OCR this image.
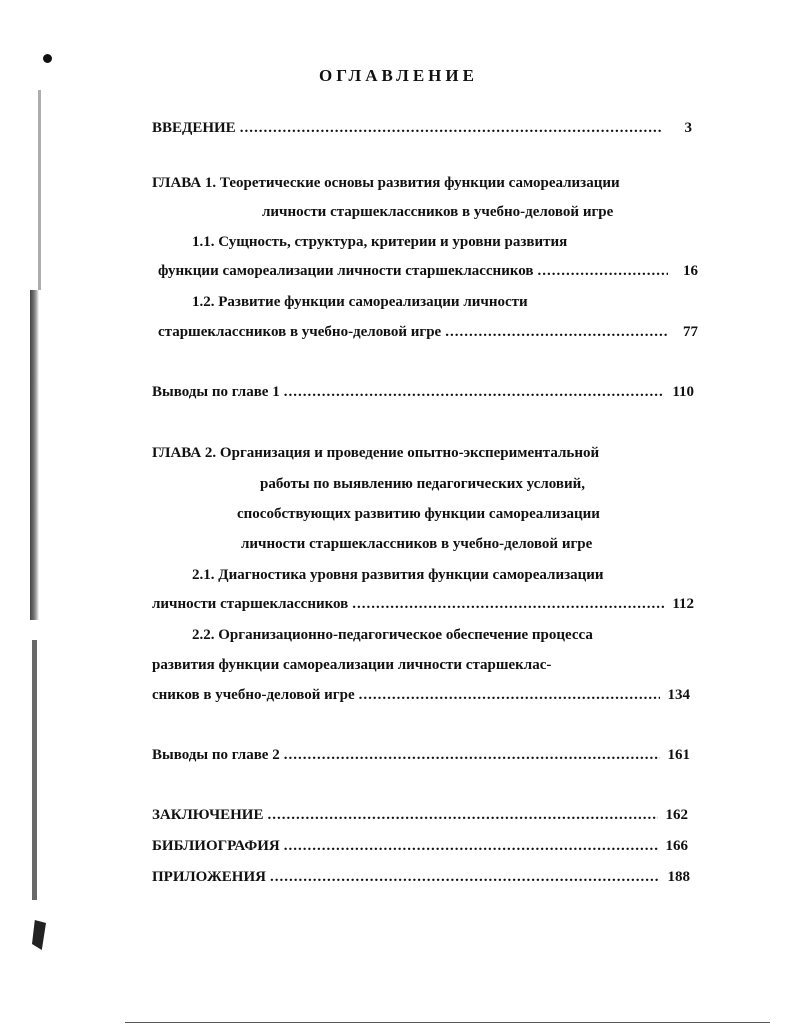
ОГЛАВЛЕНИЕ
ВВЕДЕНИЕ .....	3
ГЛАВА 1. Теоретические основы развития функции самореализации
личности старшеклассников в учебно-деловой игре
1.1. Сущность, структура, критерии и уровни развития
функции самореализации личности старшеклассников .....	16
1.2. Развитие функции самореализации личности
старшеклассников в учебно-деловой игре .....	77
Выводы по главе 1 .....	110
ГЛАВА 2. Организация и проведение опытно-экспериментальной
работы по выявлению педагогических условий,
способствующих развитию функции самореализации
личности старшеклассников в учебно-деловой игре
2.1. Диагностика уровня развития функции самореализации
личности старшеклассников .....	112
2.2. Организационно-педагогическое обеспечение процесса
развития функции самореализации личности старшеклас-
сников в учебно-деловой игре .....	134
Выводы по главе 2 .....	161
ЗАКЛЮЧЕНИЕ .....	162
БИБЛИОГРАФИЯ .....	166
ПРИЛОЖЕНИЯ .....	188
